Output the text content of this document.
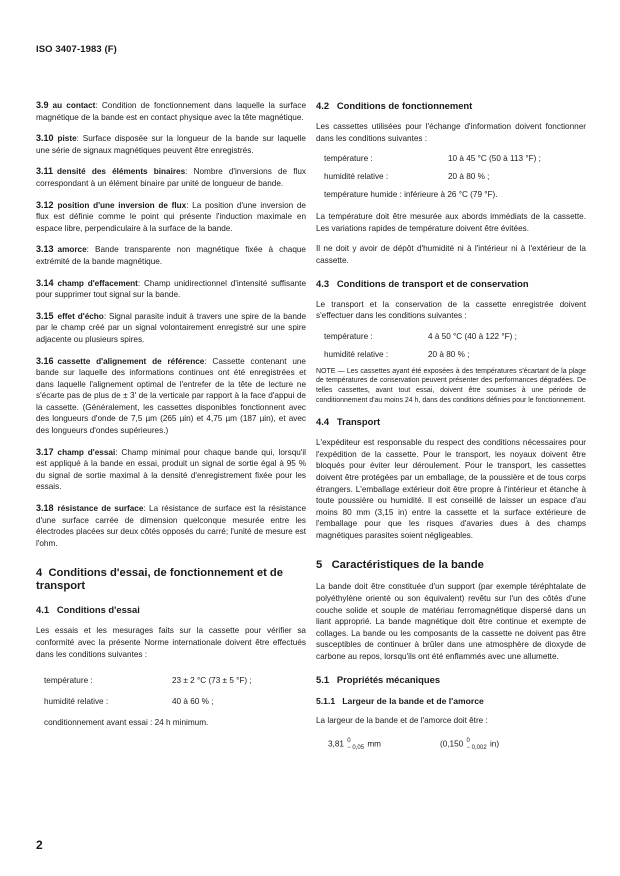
ISO 3407-1983 (F)

3.9 au contact: Condition de fonctionnement dans laquelle la surface magnétique de la bande est en contact physique avec la tête magnétique.

3.10 piste: Surface disposée sur la longueur de la bande sur laquelle une série de signaux magnétiques peuvent être enregistrés.

3.11 densité des éléments binaires: Nombre d'inversions de flux correspondant à un élément binaire par unité de longueur de bande.

3.12 position d'une inversion de flux: La position d'une inversion de flux est définie comme le point qui présente l'induction maximale en espace libre, perpendiculaire à la surface de la bande.

3.13 amorce: Bande transparente non magnétique fixée à chaque extrémité de la bande magnétique.

3.14 champ d'effacement: Champ unidirectionnel d'intensité suffisante pour supprimer tout signal sur la bande.

3.15 effet d'écho: Signal parasite induit à travers une spire de la bande par le champ créé par un signal volontairement enregistré sur une spire adjacente ou plusieurs spires.

3.16 cassette d'alignement de référence: Cassette contenant une bande sur laquelle des informations continues ont été enregistrées et dans laquelle l'alignement optimal de l'entrefer de la tête de lecture ne s'écarte pas de plus de ± 3' de la verticale par rapport à la face d'appui de la cassette. (Généralement, les cassettes disponibles fonctionnent avec des longueurs d'onde de 7,5 µm (265 µin) et 4,75 µm (187 µin), et avec des longueurs d'ondes supérieures.)

3.17 champ d'essai: Champ minimal pour chaque bande qui, lorsqu'il est appliqué à la bande en essai, produit un signal de sortie égal à 95 % du signal de sortie maximal à la densité d'enregistrement fixée pour les essais.

3.18 résistance de surface: La résistance de surface est la résistance d'une surface carrée de dimension quelconque mesurée entre les électrodes placées sur deux côtés opposés du carré; l'unité de mesure est l'ohm.

4 Conditions d'essai, de fonctionnement et de transport
4.1 Conditions d'essai

Les essais et les mesurages faits sur la cassette pour vérifier sa conformité avec la présente Norme internationale doivent être effectués dans les conditions suivantes :

température :	23 ± 2 °C (73 ± 5 °F) ;
humidité relative :	40 à 60 % ;
conditionnement avant essai : 24 h minimum.
4.2 Conditions de fonctionnement

Les cassettes utilisées pour l'échange d'information doivent fonctionner dans les conditions suivantes :

température :	10 à 45 °C (50 à 113 °F) ;
humidité relative :	20 à 80 % ;
température humide : inférieure à 26 °C (79 °F).

La température doit être mesurée aux abords immédiats de la cassette. Les variations rapides de température doivent être évitées.

Il ne doit y avoir de dépôt d'humidité ni à l'intérieur ni à l'extérieur de la cassette.

4.3 Conditions de transport et de conservation

Le transport et la conservation de la cassette enregistrée doivent s'effectuer dans les conditions suivantes :

température :	4 à 50 °C (40 à 122 °F) ;
humidité relative :	20 à 80 % ;

NOTE — Les cassettes ayant été exposées à des températures s'écartant de la plage de températures de conservation peuvent présenter des performances dégradées. De telles cassettes, avant tout essai, doivent être soumises à une période de conditionnement d'au moins 24 h, dans des conditions définies pour le fonctionnement.

4.4 Transport

L'expéditeur est responsable du respect des conditions nécessaires pour l'expédition de la cassette. Pour le transport, les noyaux doivent être bloqués pour éviter leur déroulement. Pour le transport, les cassettes doivent être protégées par un emballage, de la poussière et de tous corps étrangers. L'emballage extérieur doit être propre à l'intérieur et étanche à toute poussière ou humidité. Il est conseillé de laisser un espace d'au moins 80 mm (3,15 in) entre la cassette et la surface extérieure de l'emballage pour que les risques d'avaries dues à des champs magnétiques parasites soient négligeables.

5 Caractéristiques de la bande

La bande doit être constituée d'un support (par exemple téréphtalate de polyéthylène orienté ou son équivalent) revêtu sur l'un des côtés d'une couche solide et souple de matériau ferromagnétique dispersé dans un liant approprié. La bande magnétique doit être continue et exempte de collages. La bande ou les composants de la cassette ne doivent pas être susceptibles de continuer à brûler dans une atmosphère de dioxyde de carbone au repos, lorsqu'ils ont été enflammés avec une allumette.

5.1 Propriétés mécaniques
5.1.1 Largeur de la bande et de l'amorce

La largeur de la bande et de l'amorce doit être :

3,81 0
− 0,05 mm	(0,150 0
− 0,002 in)
2
